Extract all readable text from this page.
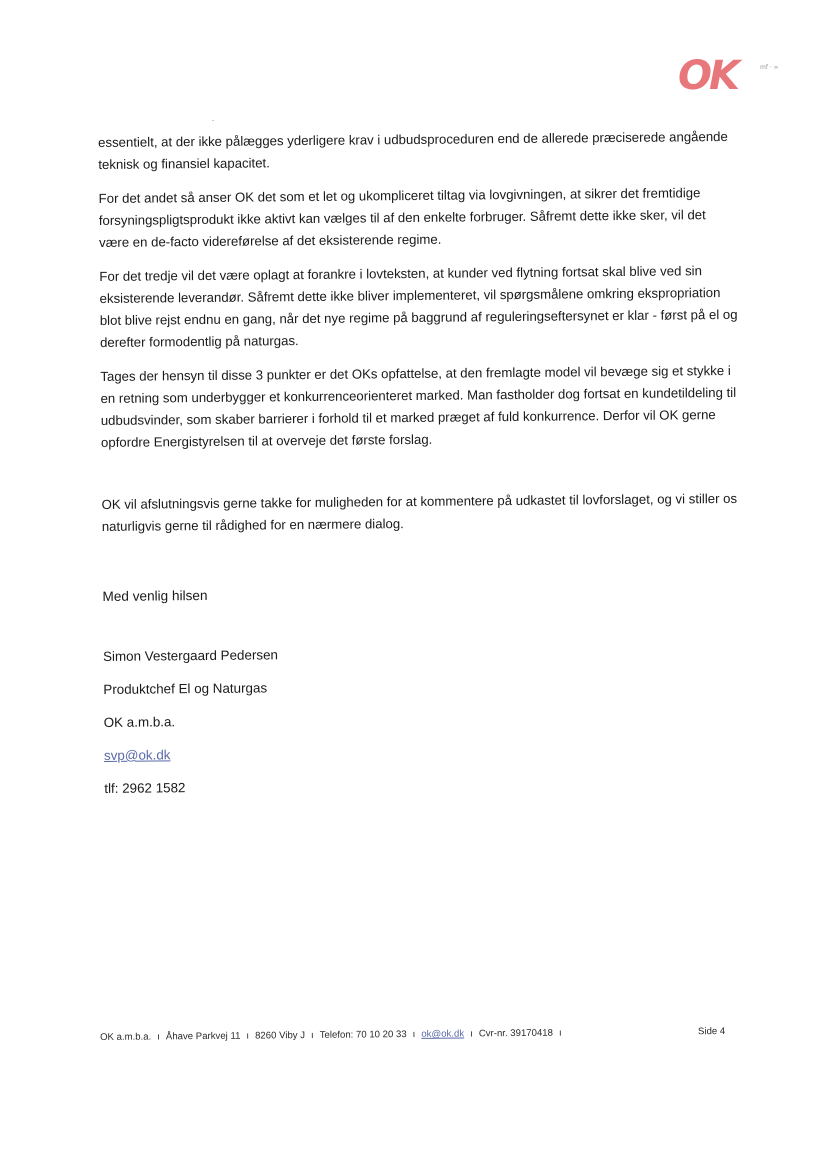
OK	mf · ∞

essentielt, at der ikke pålægges yderligere krav i udbudsproceduren end de allerede præciserede angående teknisk og finansiel kapacitet.

For det andet så anser OK det som et let og ukompliceret tiltag via lovgivningen, at sikrer det fremtidige forsyningspligtsprodukt ikke aktivt kan vælges til af den enkelte forbruger. Såfremt dette ikke sker, vil det være en de-facto videreførelse af det eksisterende regime.

For det tredje vil det være oplagt at forankre i lovteksten, at kunder ved flytning fortsat skal blive ved sin eksisterende leverandør. Såfremt dette ikke bliver implementeret, vil spørgsmålene omkring ekspropriation blot blive rejst endnu en gang, når det nye regime på baggrund af reguleringseftersynet er klar - først på el og derefter formodentlig på naturgas.

Tages der hensyn til disse 3 punkter er det OKs opfattelse, at den fremlagte model vil bevæge sig et stykke i en retning som underbygger et konkurrenceorienteret marked. Man fastholder dog fortsat en kundetildeling til udbudsvinder, som skaber barrierer i forhold til et marked præget af fuld konkurrence. Derfor vil OK gerne opfordre Energistyrelsen til at overveje det første forslag.

OK vil afslutningsvis gerne takke for muligheden for at kommentere på udkastet til lovforslaget, og vi stiller os naturligvis gerne til rådighed for en nærmere dialog.

Med venlig hilsen

Simon Vestergaard Pedersen

Produktchef El og Naturgas

OK a.m.b.a.

svp@ok.dk

tlf: 2962 1582

OK a.m.b.a. ı Åhave Parkvej 11 ı 8260 Viby J ı Telefon: 70 10 20 33 ı ok@ok.dk ı Cvr-nr. 39170418 ı	Side 4
